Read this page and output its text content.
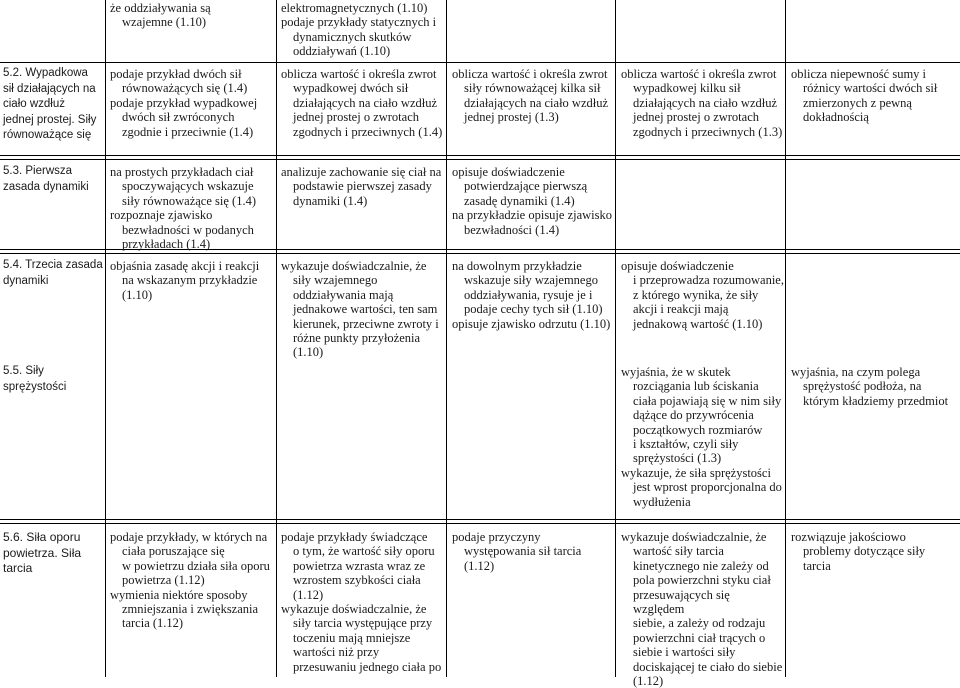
że oddziaływania są

wzajemne (1.10)

elektromagnetycznych (1.10)

podaje przykłady statycznych i

dynamicznych skutków

oddziaływań (1.10)

5.2. Wypadkowa

sił działających na

ciało wzdłuż

jednej prostej. Siły

równoważące się

podaje przykład dwóch sił

równoważących się (1.4)

podaje przykład wypadkowej

dwóch sił zwróconych

zgodnie i przeciwnie (1.4)

oblicza wartość i określa zwrot

wypadkowej dwóch sił

działających na ciało wzdłuż

jednej prostej o zwrotach

zgodnych i przeciwnych (1.4)

oblicza wartość i określa zwrot

siły równoważącej kilka sił

działających na ciało wzdłuż

jednej prostej (1.3)

oblicza wartość i określa zwrot

wypadkowej kilku sił

działających na ciało wzdłuż

jednej prostej o zwrotach

zgodnych i przeciwnych (1.3)

oblicza niepewność sumy i

różnicy wartości dwóch sił

zmierzonych z pewną

dokładnością

5.3. Pierwsza

zasada dynamiki

na prostych przykładach ciał

spoczywających wskazuje

siły równoważące się (1.4)

rozpoznaje zjawisko

bezwładności w podanych

przykładach (1.4)

analizuje zachowanie się ciał na

podstawie pierwszej zasady

dynamiki (1.4)

opisuje doświadczenie

potwierdzające pierwszą

zasadę dynamiki (1.4)

na przykładzie opisuje zjawisko

bezwładności (1.4)

5.4. Trzecia zasada

dynamiki

objaśnia zasadę akcji i reakcji

na wskazanym przykładzie

(1.10)

wykazuje doświadczalnie, że

siły wzajemnego

oddziaływania mają

jednakowe wartości, ten sam

kierunek, przeciwne zwroty i

różne punkty przyłożenia

(1.10)

na dowolnym przykładzie

wskazuje siły wzajemnego

oddziaływania, rysuje je i

podaje cechy tych sił (1.10)

opisuje zjawisko odrzutu (1.10)

opisuje doświadczenie

i przeprowadza rozumowanie,

z którego wynika, że siły

akcji i reakcji mają

jednakową wartość (1.10)

5.5. Siły

sprężystości

wyjaśnia, że w skutek

rozciągania lub ściskania

ciała pojawiają się w nim siły

dążące do przywrócenia

początkowych rozmiarów

i kształtów, czyli siły

sprężystości (1.3)

wykazuje, że siła sprężystości

jest wprost proporcjonalna do

wydłużenia

wyjaśnia, na czym polega

sprężystość podłoża, na

którym kładziemy przedmiot

5.6. Siła oporu

powietrza. Siła

tarcia

podaje przykłady, w których na

ciała poruszające się

w powietrzu działa siła oporu

powietrza (1.12)

wymienia niektóre sposoby

zmniejszania i zwiększania

tarcia (1.12)

podaje przykłady świadczące

o tym, że wartość siły oporu

powietrza wzrasta wraz ze

wzrostem szybkości ciała

(1.12)

wykazuje doświadczalnie, że

siły tarcia występujące przy

toczeniu mają mniejsze

wartości niż przy

przesuwaniu jednego ciała po

podaje przyczyny

występowania sił tarcia (1.12)

wykazuje doświadczalnie, że

wartość siły tarcia

kinetycznego nie zależy od

pola powierzchni styku ciał

przesuwających się względem

siebie, a zależy od rodzaju

powierzchni ciał trących o

siebie i wartości siły

dociskającej te ciało do siebie

(1.12)

rozwiązuje jakościowo

problemy dotyczące siły

tarcia
